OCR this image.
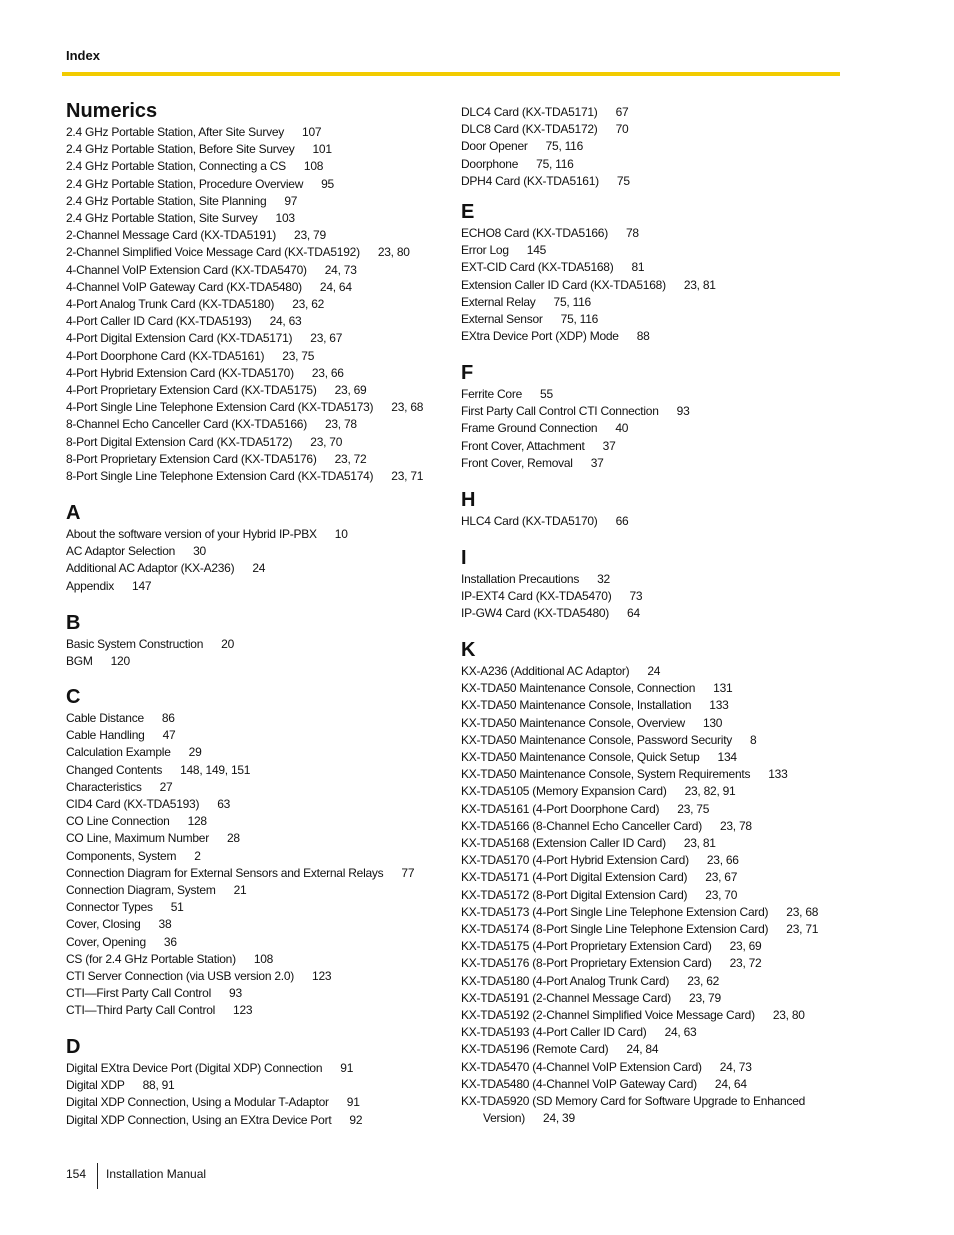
Index
Numerics
2.4 GHz Portable Station, After Site Survey 107
2.4 GHz Portable Station, Before Site Survey 101
2.4 GHz Portable Station, Connecting a CS 108
2.4 GHz Portable Station, Procedure Overview 95
2.4 GHz Portable Station, Site Planning 97
2.4 GHz Portable Station, Site Survey 103
2-Channel Message Card (KX-TDA5191) 23, 79
2-Channel Simplified Voice Message Card (KX-TDA5192) 23, 80
4-Channel VoIP Extension Card (KX-TDA5470) 24, 73
4-Channel VoIP Gateway Card (KX-TDA5480) 24, 64
4-Port Analog Trunk Card (KX-TDA5180) 23, 62
4-Port Caller ID Card (KX-TDA5193) 24, 63
4-Port Digital Extension Card (KX-TDA5171) 23, 67
4-Port Doorphone Card (KX-TDA5161) 23, 75
4-Port Hybrid Extension Card (KX-TDA5170) 23, 66
4-Port Proprietary Extension Card (KX-TDA5175) 23, 69
4-Port Single Line Telephone Extension Card (KX-TDA5173) 23, 68
8-Channel Echo Canceller Card (KX-TDA5166) 23, 78
8-Port Digital Extension Card (KX-TDA5172) 23, 70
8-Port Proprietary Extension Card (KX-TDA5176) 23, 72
8-Port Single Line Telephone Extension Card (KX-TDA5174) 23, 71
A
About the software version of your Hybrid IP-PBX 10
AC Adaptor Selection 30
Additional AC Adaptor (KX-A236) 24
Appendix 147
B
Basic System Construction 20
BGM 120
C
Cable Distance 86
Cable Handling 47
Calculation Example 29
Changed Contents 148, 149, 151
Characteristics 27
CID4 Card (KX-TDA5193) 63
CO Line Connection 128
CO Line, Maximum Number 28
Components, System 2
Connection Diagram for External Sensors and External Relays 77
Connection Diagram, System 21
Connector Types 51
Cover, Closing 38
Cover, Opening 36
CS (for 2.4 GHz Portable Station) 108
CTI Server Connection (via USB version 2.0) 123
CTI—First Party Call Control 93
CTI—Third Party Call Control 123
D
Digital EXtra Device Port (Digital XDP) Connection 91
Digital XDP 88, 91
Digital XDP Connection, Using a Modular T-Adaptor 91
Digital XDP Connection, Using an EXtra Device Port 92
DLC4 Card (KX-TDA5171) 67
DLC8 Card (KX-TDA5172) 70
Door Opener 75, 116
Doorphone 75, 116
DPH4 Card (KX-TDA5161) 75
E
ECHO8 Card (KX-TDA5166) 78
Error Log 145
EXT-CID Card (KX-TDA5168) 81
Extension Caller ID Card (KX-TDA5168) 23, 81
External Relay 75, 116
External Sensor 75, 116
EXtra Device Port (XDP) Mode 88
F
Ferrite Core 55
First Party Call Control CTI Connection 93
Frame Ground Connection 40
Front Cover, Attachment 37
Front Cover, Removal 37
H
HLC4 Card (KX-TDA5170) 66
I
Installation Precautions 32
IP-EXT4 Card (KX-TDA5470) 73
IP-GW4 Card (KX-TDA5480) 64
K
KX-A236 (Additional AC Adaptor) 24
KX-TDA50 Maintenance Console, Connection 131
KX-TDA50 Maintenance Console, Installation 133
KX-TDA50 Maintenance Console, Overview 130
KX-TDA50 Maintenance Console, Password Security 8
KX-TDA50 Maintenance Console, Quick Setup 134
KX-TDA50 Maintenance Console, System Requirements 133
KX-TDA5105 (Memory Expansion Card) 23, 82, 91
KX-TDA5161 (4-Port Doorphone Card) 23, 75
KX-TDA5166 (8-Channel Echo Canceller Card) 23, 78
KX-TDA5168 (Extension Caller ID Card) 23, 81
KX-TDA5170 (4-Port Hybrid Extension Card) 23, 66
KX-TDA5171 (4-Port Digital Extension Card) 23, 67
KX-TDA5172 (8-Port Digital Extension Card) 23, 70
KX-TDA5173 (4-Port Single Line Telephone Extension Card) 23, 68
KX-TDA5174 (8-Port Single Line Telephone Extension Card) 23, 71
KX-TDA5175 (4-Port Proprietary Extension Card) 23, 69
KX-TDA5176 (8-Port Proprietary Extension Card) 23, 72
KX-TDA5180 (4-Port Analog Trunk Card) 23, 62
KX-TDA5191 (2-Channel Message Card) 23, 79
KX-TDA5192 (2-Channel Simplified Voice Message Card) 23, 80
KX-TDA5193 (4-Port Caller ID Card) 24, 63
KX-TDA5196 (Remote Card) 24, 84
KX-TDA5470 (4-Channel VoIP Extension Card) 24, 73
KX-TDA5480 (4-Channel VoIP Gateway Card) 24, 64
KX-TDA5920 (SD Memory Card for Software Upgrade to Enhanced
Version) 24, 39
154 Installation Manual
